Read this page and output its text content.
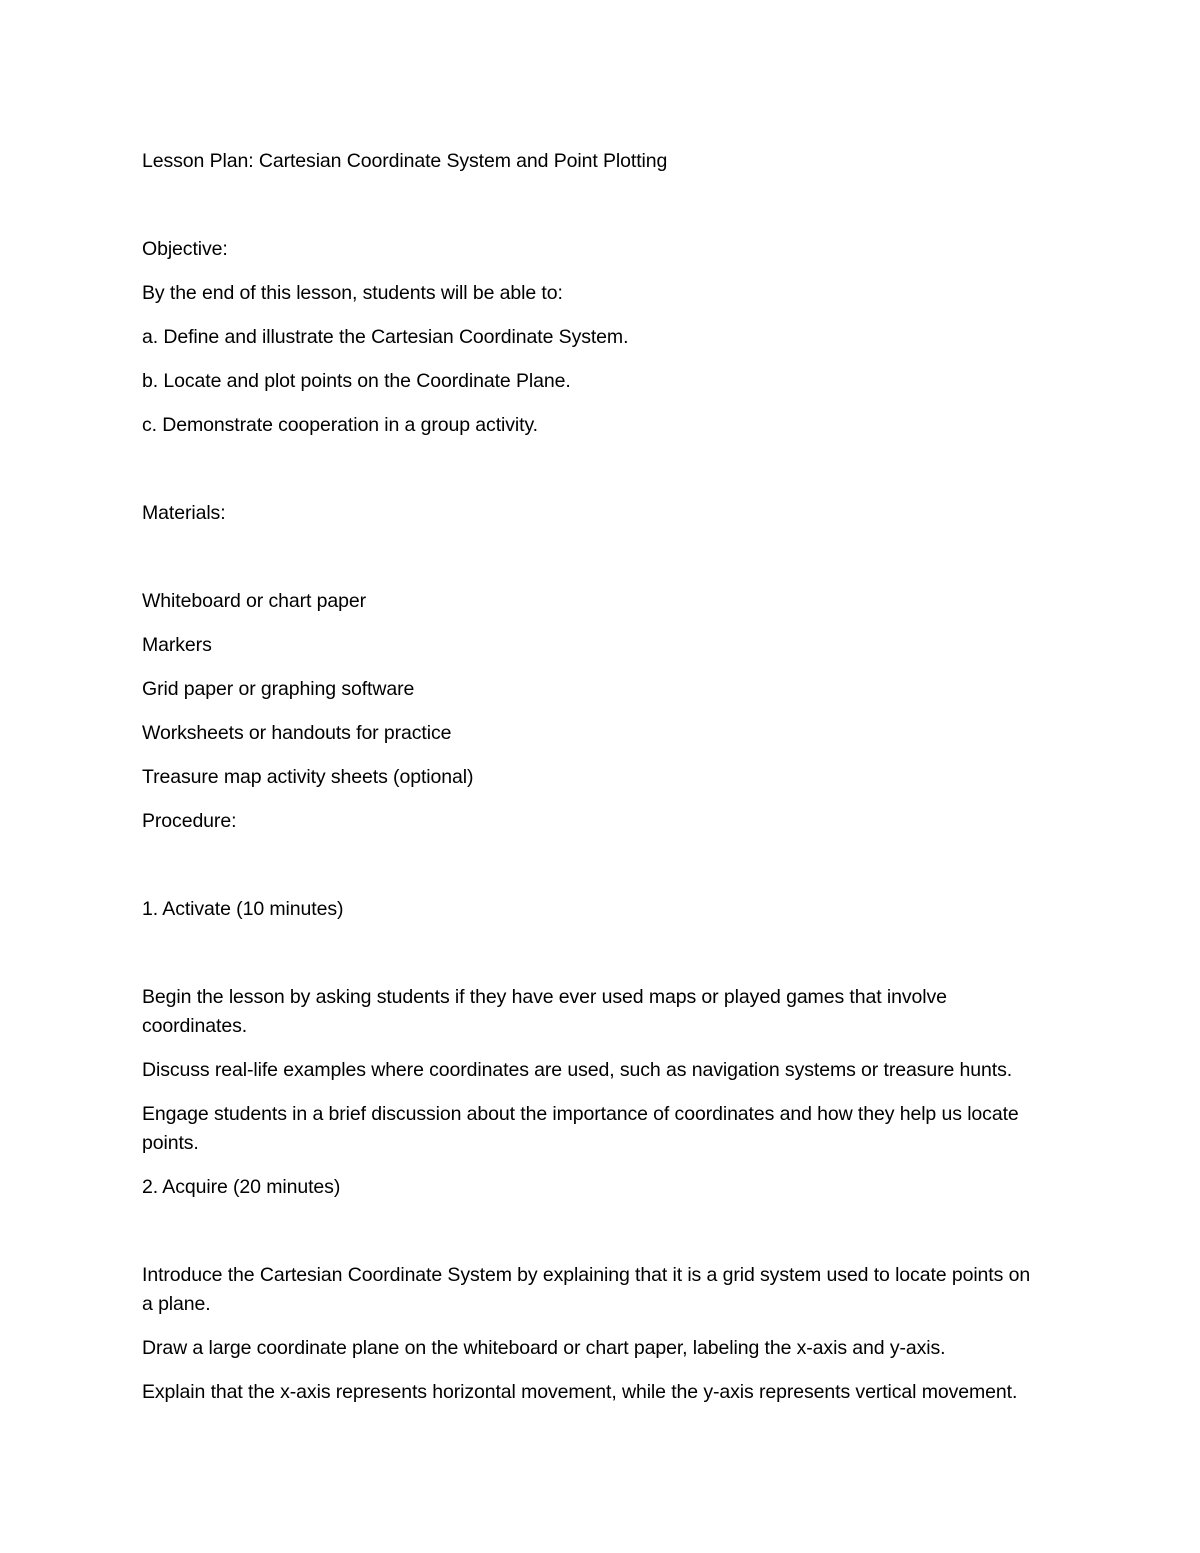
Lesson Plan: Cartesian Coordinate System and Point Plotting
Objective:
By the end of this lesson, students will be able to:
a. Define and illustrate the Cartesian Coordinate System.
b. Locate and plot points on the Coordinate Plane.
c. Demonstrate cooperation in a group activity.
Materials:
Whiteboard or chart paper
Markers
Grid paper or graphing software
Worksheets or handouts for practice
Treasure map activity sheets (optional)
Procedure:
1. Activate (10 minutes)
Begin the lesson by asking students if they have ever used maps or played games that involve
coordinates.
Discuss real-life examples where coordinates are used, such as navigation systems or treasure hunts.
Engage students in a brief discussion about the importance of coordinates and how they help us locate
points.
2. Acquire (20 minutes)
Introduce the Cartesian Coordinate System by explaining that it is a grid system used to locate points on
a plane.
Draw a large coordinate plane on the whiteboard or chart paper, labeling the x-axis and y-axis.
Explain that the x-axis represents horizontal movement, while the y-axis represents vertical movement.
